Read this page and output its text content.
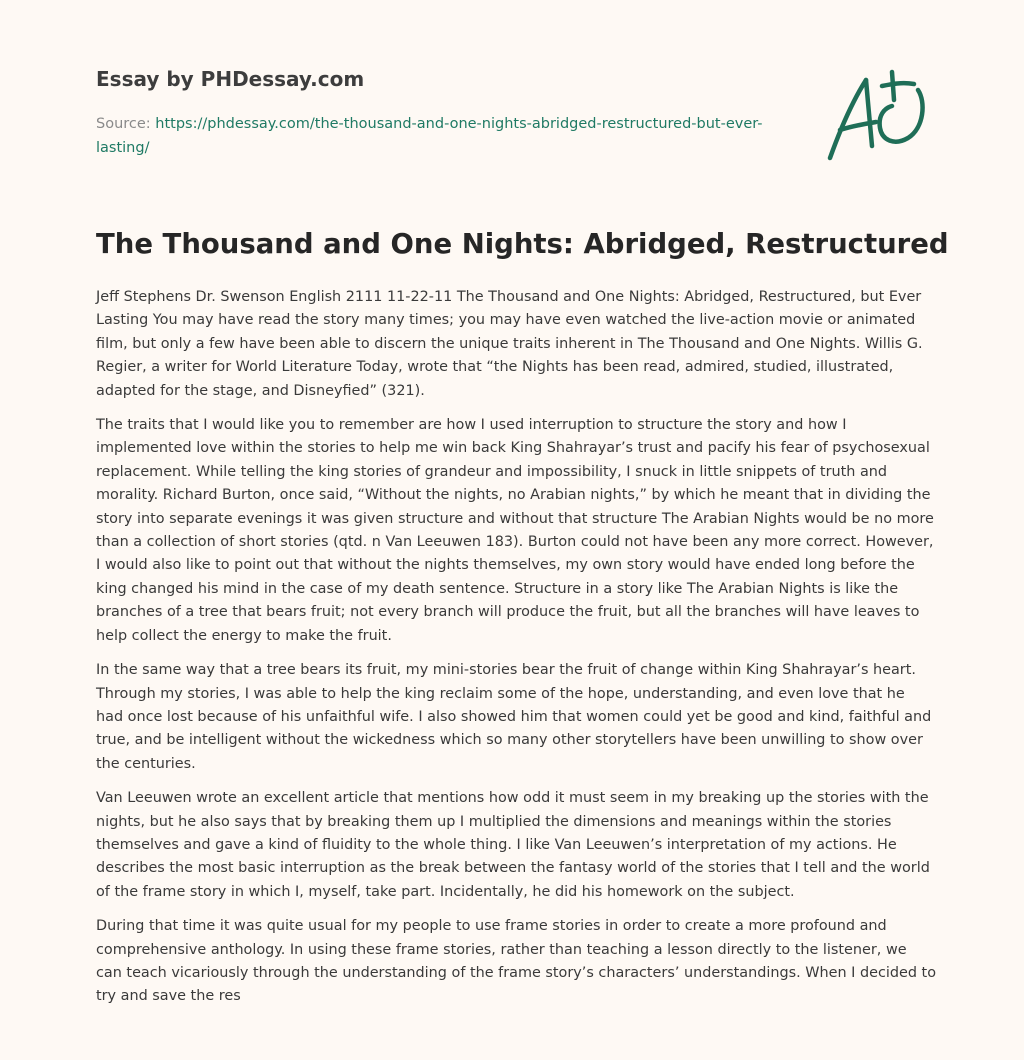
Essay by PHDessay.com
Source: https://phdessay.com/the-thousand-and-one-nights-abridged-restructured-but-ever-lasting/
The Thousand and One Nights: Abridged, Restructured

Jeff Stephens Dr. Swenson English 2111 11-22-11 The Thousand and One Nights: Abridged, Restructured, but Ever Lasting You may have read the story many times; you may have even watched the live-action movie or animated film, but only a few have been able to discern the unique traits inherent in The Thousand and One Nights. Willis G. Regier, a writer for World Literature Today, wrote that “the Nights has been read, admired, studied, illustrated, adapted for the stage, and Disneyfied” (321).

The traits that I would like you to remember are how I used interruption to structure the story and how I implemented love within the stories to help me win back King Shahrayar’s trust and pacify his fear of psychosexual replacement. While telling the king stories of grandeur and impossibility, I snuck in little snippets of truth and morality. Richard Burton, once said, “Without the nights, no Arabian nights,” by which he meant that in dividing the story into separate evenings it was given structure and without that structure The Arabian Nights would be no more than a collection of short stories (qtd. n Van Leeuwen 183). Burton could not have been any more correct. However, I would also like to point out that without the nights themselves, my own story would have ended long before the king changed his mind in the case of my death sentence. Structure in a story like The Arabian Nights is like the branches of a tree that bears fruit; not every branch will produce the fruit, but all the branches will have leaves to help collect the energy to make the fruit.

In the same way that a tree bears its fruit, my mini-stories bear the fruit of change within King Shahrayar’s heart. Through my stories, I was able to help the king reclaim some of the hope, understanding, and even love that he had once lost because of his unfaithful wife. I also showed him that women could yet be good and kind, faithful and true, and be intelligent without the wickedness which so many other storytellers have been unwilling to show over the centuries.

Van Leeuwen wrote an excellent article that mentions how odd it must seem in my breaking up the stories with the nights, but he also says that by breaking them up I multiplied the dimensions and meanings within the stories themselves and gave a kind of fluidity to the whole thing. I like Van Leeuwen’s interpretation of my actions. He describes the most basic interruption as the break between the fantasy world of the stories that I tell and the world of the frame story in which I, myself, take part. Incidentally, he did his homework on the subject.

During that time it was quite usual for my people to use frame stories in order to create a more profound and comprehensive anthology. In using these frame stories, rather than teaching a lesson directly to the listener, we can teach vicariously through the understanding of the frame story’s characters’ understandings. When I decided to try and save the res
